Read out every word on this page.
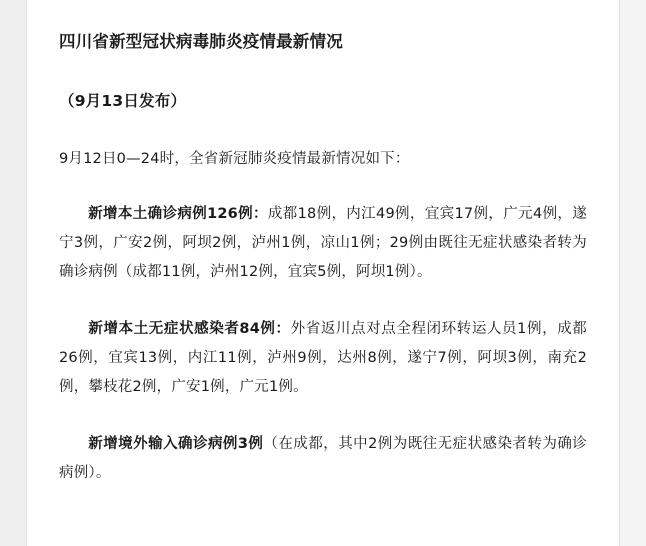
四川省新型冠状病毒肺炎疫情最新情况
（9月13日发布）
9月12日0—24时，全省新冠肺炎疫情最新情况如下：
新增本土确诊病例126例：成都18例，内江49例，宜宾17例，广元4例，遂宁3例，广安2例，阿坝2例，泸州1例，凉山1例；29例由既往无症状感染者转为确诊病例（成都11例，泸州12例，宜宾5例，阿坝1例）。
新增本土无症状感染者84例：外省返川点对点全程闭环转运人员1例，成都26例，宜宾13例，内江11例，泸州9例，达州8例，遂宁7例，阿坝3例，南充2例，攀枝花2例，广安1例，广元1例。
新增境外输入确诊病例3例（在成都，其中2例为既往无症状感染者转为确诊病例）。
